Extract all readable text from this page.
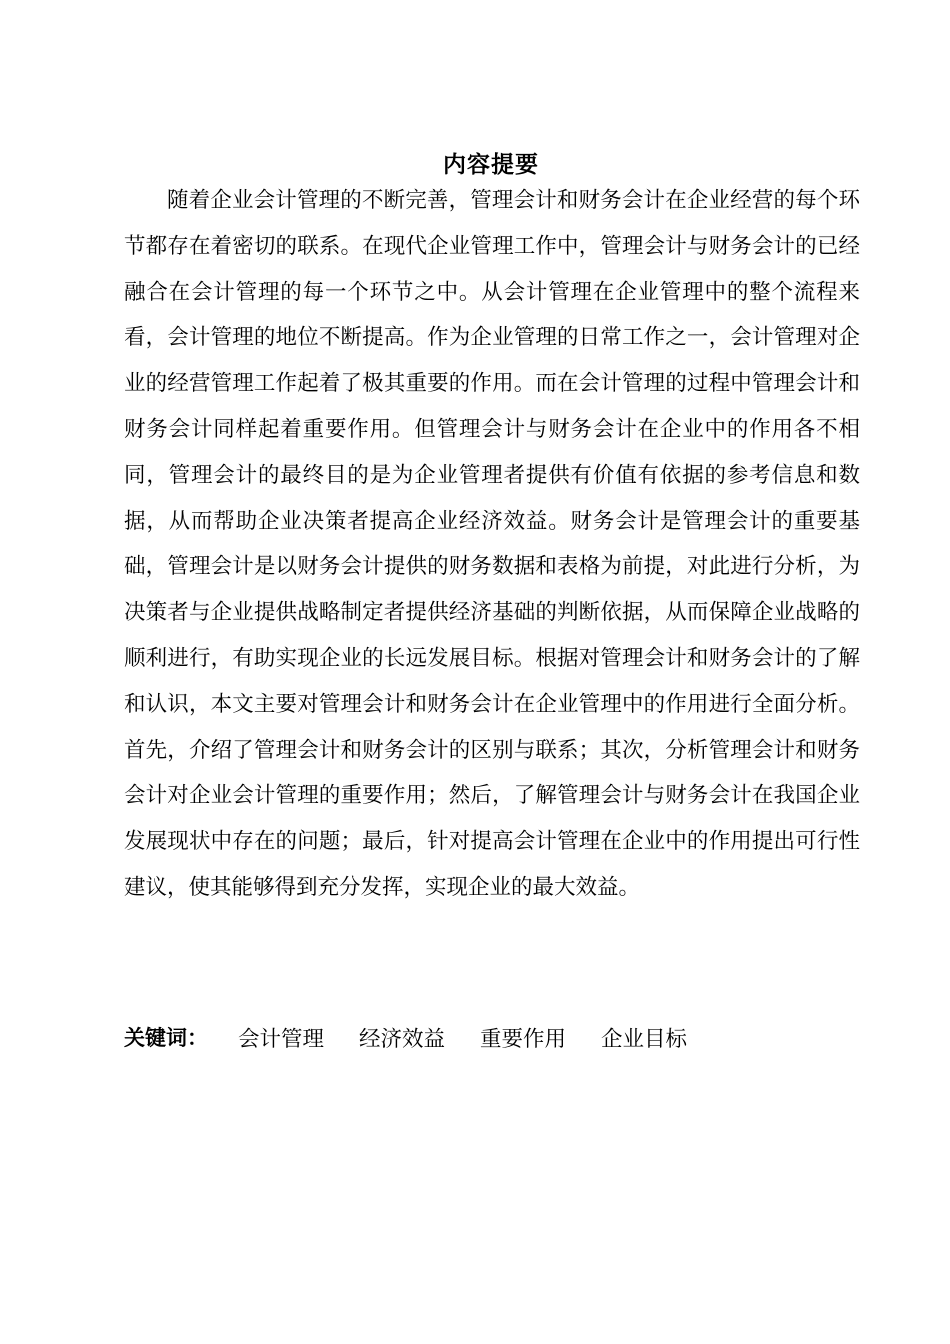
内容提要

随着企业会计管理的不断完善，管理会计和财务会计在企业经营的每个环节都存在着密切的联系。在现代企业管理工作中，管理会计与财务会计的已经融合在会计管理的每一个环节之中。从会计管理在企业管理中的整个流程来看，会计管理的地位不断提高。作为企业管理的日常工作之一，会计管理对企业的经营管理工作起着了极其重要的作用。而在会计管理的过程中管理会计和财务会计同样起着重要作用。但管理会计与财务会计在企业中的作用各不相同，管理会计的最终目的是为企业管理者提供有价值有依据的参考信息和数据，从而帮助企业决策者提高企业经济效益。财务会计是管理会计的重要基础，管理会计是以财务会计提供的财务数据和表格为前提，对此进行分析，为决策者与企业提供战略制定者提供经济基础的判断依据，从而保障企业战略的顺利进行，有助实现企业的长远发展目标。根据对管理会计和财务会计的了解和认识，本文主要对管理会计和财务会计在企业管理中的作用进行全面分析。首先，介绍了管理会计和财务会计的区别与联系；其次，分析管理会计和财务会计对企业会计管理的重要作用；然后，了解管理会计与财务会计在我国企业发展现状中存在的问题；最后，针对提高会计管理在企业中的作用提出可行性建议，使其能够得到充分发挥，实现企业的最大效益。

关键词： 会计管理 经济效益 重要作用 企业目标
